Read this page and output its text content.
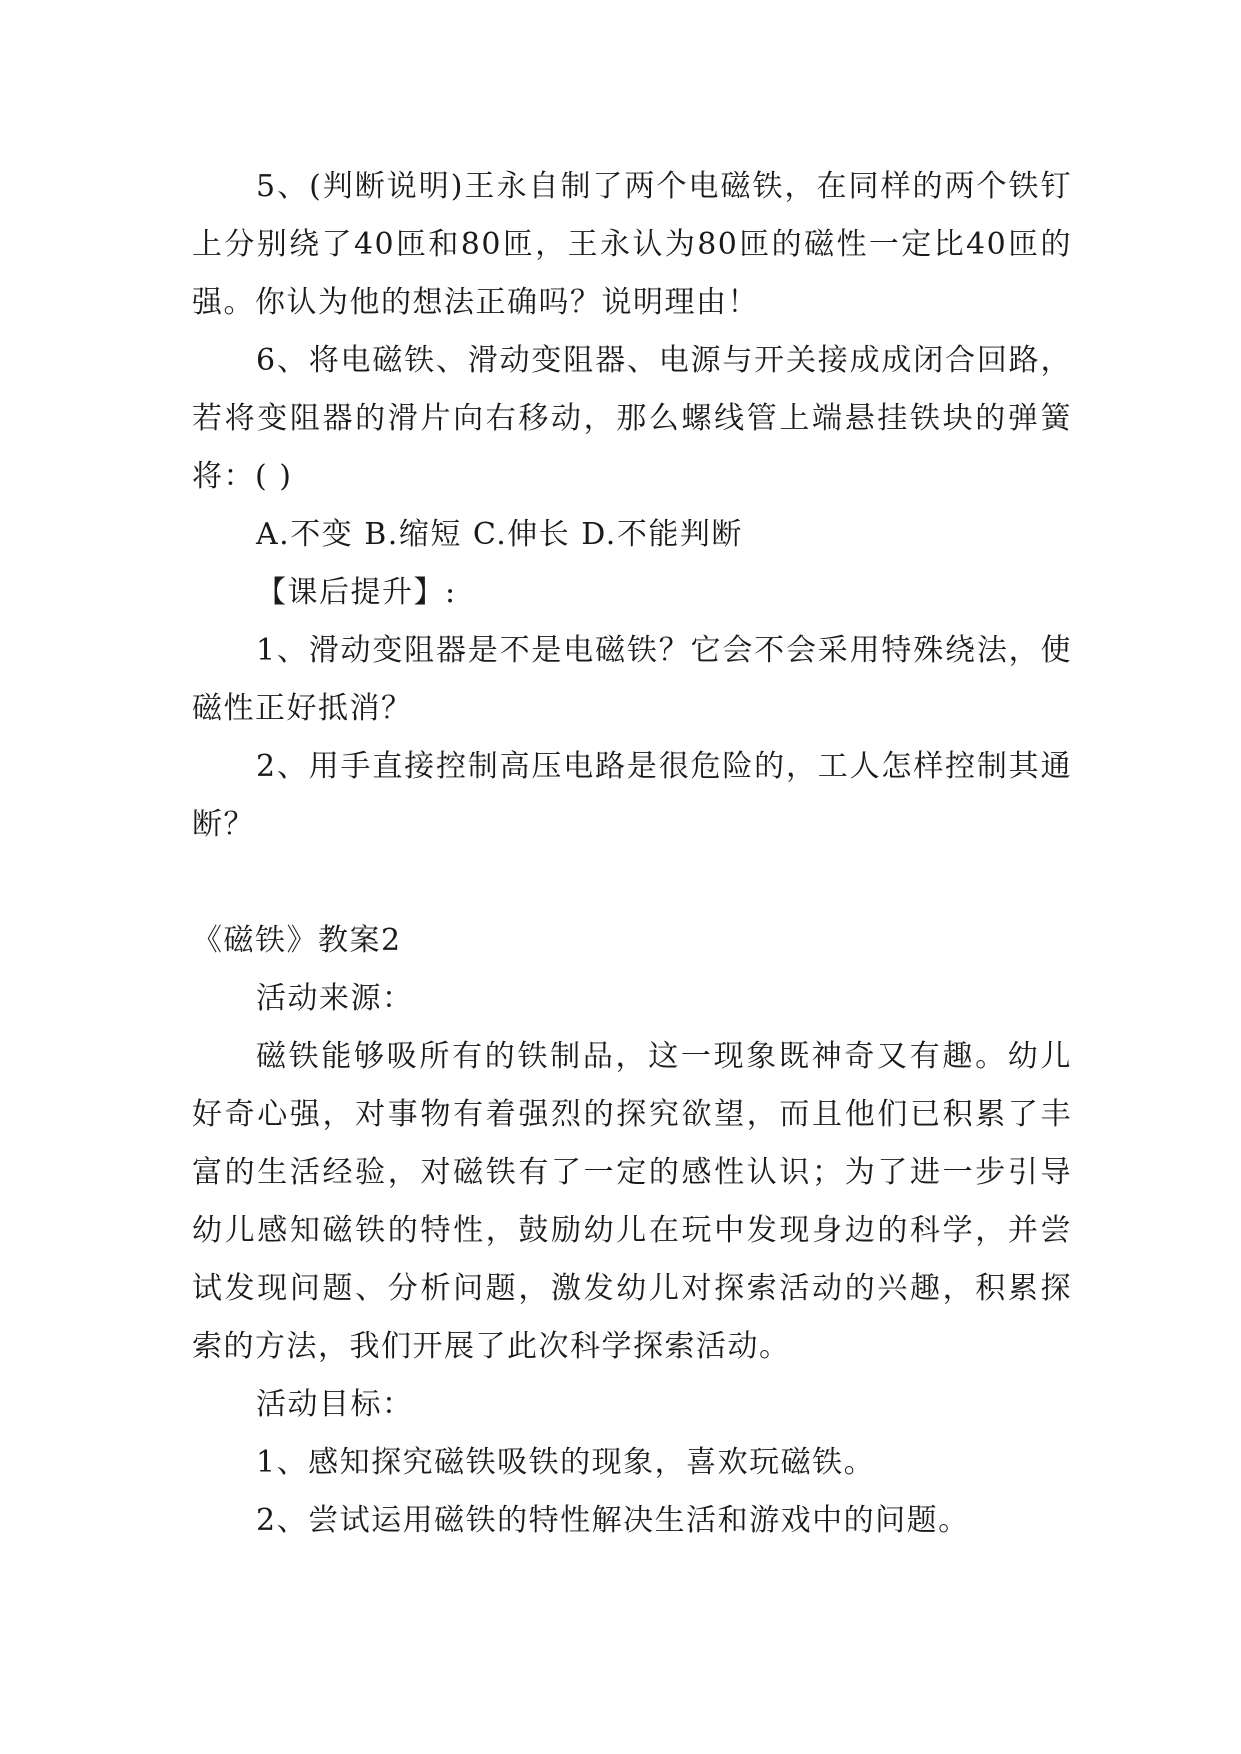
5、(判断说明)王永自制了两个电磁铁，在同样的两个铁钉上分别绕了40匝和80匝，王永认为80匝的磁性一定比40匝的强。你认为他的想法正确吗？说明理由！

6、将电磁铁、滑动变阻器、电源与开关接成成闭合回路，若将变阻器的滑片向右移动，那么螺线管上端悬挂铁块的弹簧将：( )

A.不变 B.缩短 C.伸长 D.不能判断

【课后提升】:

1、滑动变阻器是不是电磁铁？它会不会采用特殊绕法，使磁性正好抵消？

2、用手直接控制高压电路是很危险的，工人怎样控制其通断？

《磁铁》教案2

活动来源：

磁铁能够吸所有的铁制品，这一现象既神奇又有趣。幼儿好奇心强，对事物有着强烈的探究欲望，而且他们已积累了丰富的生活经验，对磁铁有了一定的感性认识；为了进一步引导幼儿感知磁铁的特性，鼓励幼儿在玩中发现身边的科学，并尝试发现问题、分析问题，激发幼儿对探索活动的兴趣，积累探索的方法，我们开展了此次科学探索活动。

活动目标：

1、感知探究磁铁吸铁的现象，喜欢玩磁铁。

2、尝试运用磁铁的特性解决生活和游戏中的问题。
